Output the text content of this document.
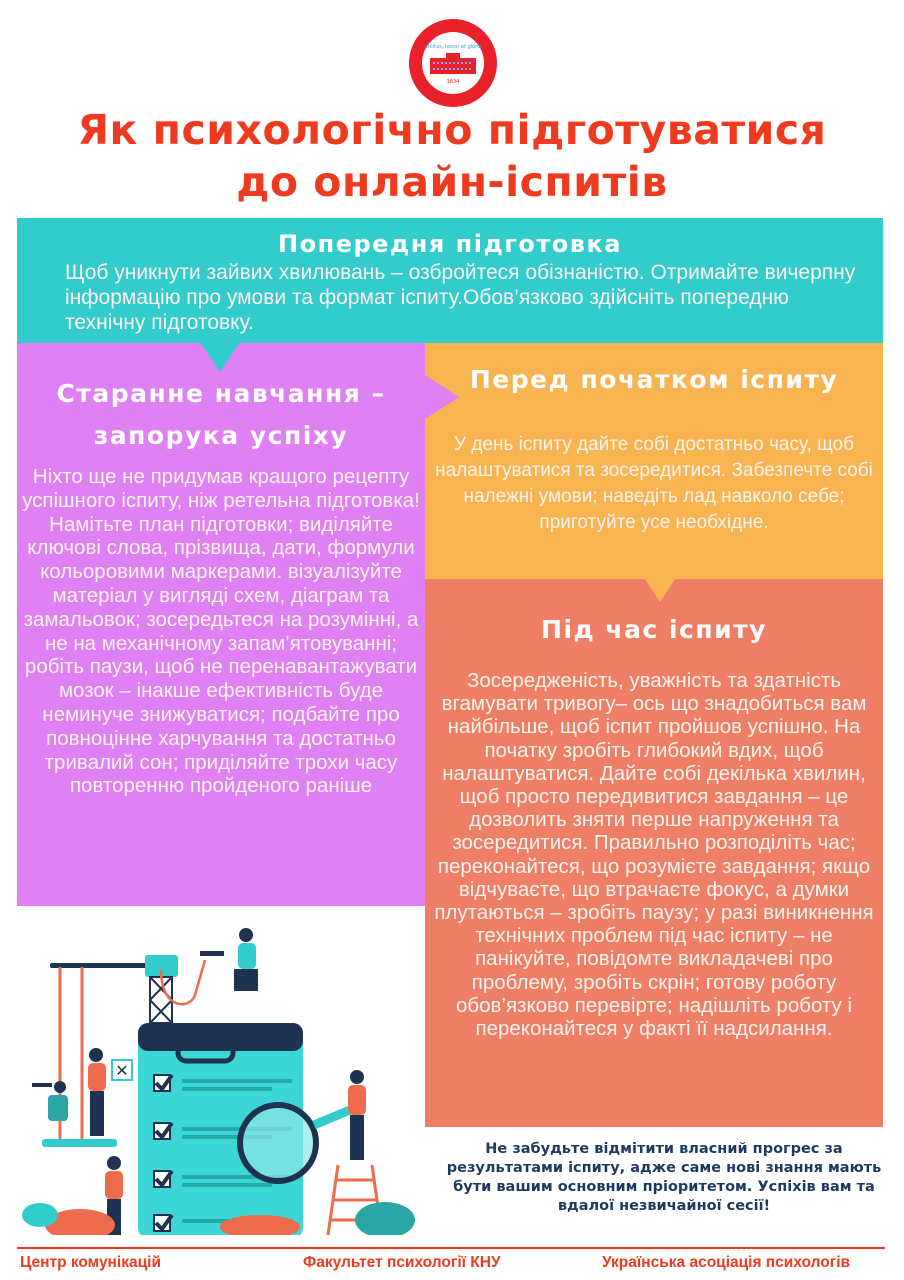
Utilitas, honor et gloria
1834
Як психологічно підготуватися
до онлайн-іспитів
Попередня підготовка
Щоб уникнути зайвих хвилювань – озбройтеся обізнаністю. Отримайте вичерпну інформацію про умови та формат іспиту.Обов’язково здійсніть попередню технічну підготовку.
Старанне навчання – запорука успіху
Ніхто ще не придумав кращого рецепту успішного іспиту, ніж ретельна підготовка! Намітьте план підготовки; виділяйте ключові слова, прізвища, дати, формули кольоровими маркерами. візуалізуйте матеріал у вигляді схем, діаграм та замальовок; зосередьтеся на розумінні, а не на механічному запам’ятовуванні; робіть паузи, щоб не перенавантажувати мозок – інакше ефективність буде неминуче знижуватися; подбайте про повноцінне харчування та достатньо тривалий сон; приділяйте трохи часу повторенню пройденого раніше
Перед початком іспиту
У день іспиту дайте собі достатньо часу, щоб налаштуватися та зосередитися. Забезпечте собі належні умови; наведіть лад навколо себе; приготуйте усе необхідне.
Під час іспиту
Зосередженість, уважність та здатність вгамувати тривогу– ось що знадобиться вам найбільше, щоб іспит пройшов успішно. На початку зробіть глибокий вдих, щоб налаштуватися. Дайте собі декілька хвилин, щоб просто передивитися завдання – це дозволить зняти перше напруження та зосередитися. Правильно розподіліть час; переконайтеся, що розумієте завдання; якщо відчуваєте, що втрачаєте фокус, а думки плутаються – зробіть паузу; у разі виникнення технічних проблем під час іспиту – не панікуйте, повідомте викладачеві про проблему, зробіть скрін; готову роботу обов’язково перевірте; надішліть роботу і переконайтеся у факті її надсилання.
✕
Не забудьте відмітити власний прогрес за результатами іспиту, адже саме нові знання мають бути вашим основним пріоритетом. Успіхів вам та вдалої незвичайної сесії!
Центр комунікацій	Факультет психології КНУ	Українська асоціація психологів
